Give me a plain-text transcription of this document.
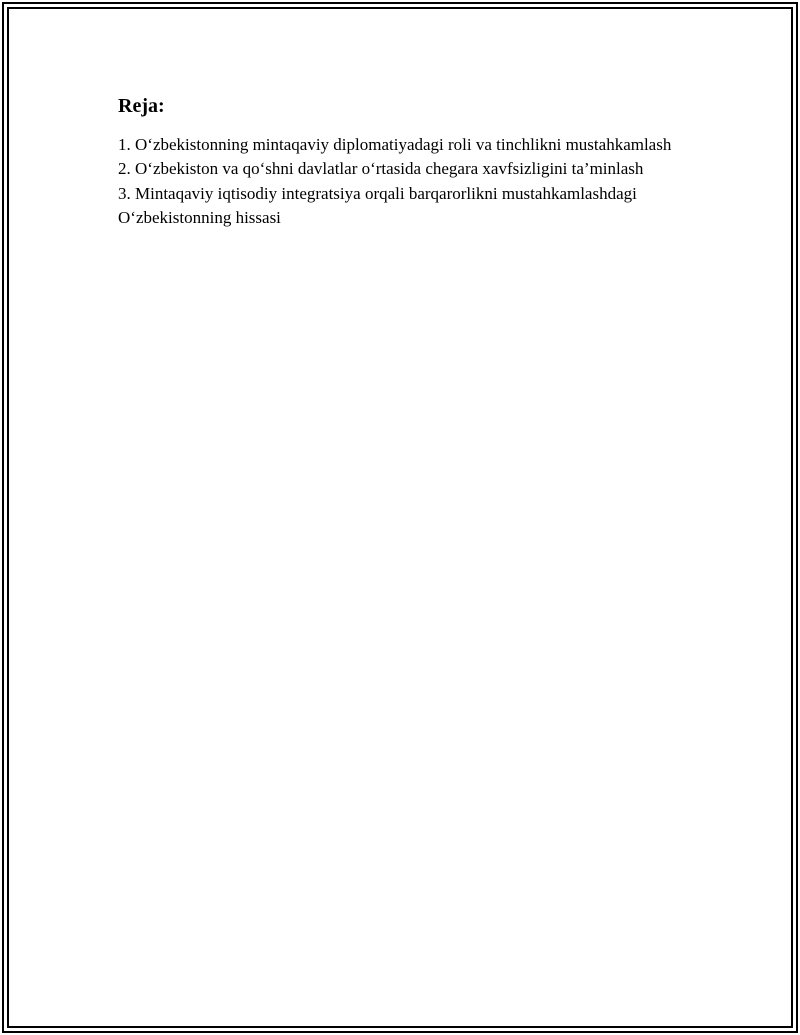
Reja:
1. O‘zbekistonning mintaqaviy diplomatiyadagi roli va tinchlikni mustahkamlash
2. O‘zbekiston va qo‘shni davlatlar o‘rtasida chegara xavfsizligini ta’minlash
3. Mintaqaviy iqtisodiy integratsiya orqali barqarorlikni mustahkamlashdagi O‘zbekistonning hissasi
